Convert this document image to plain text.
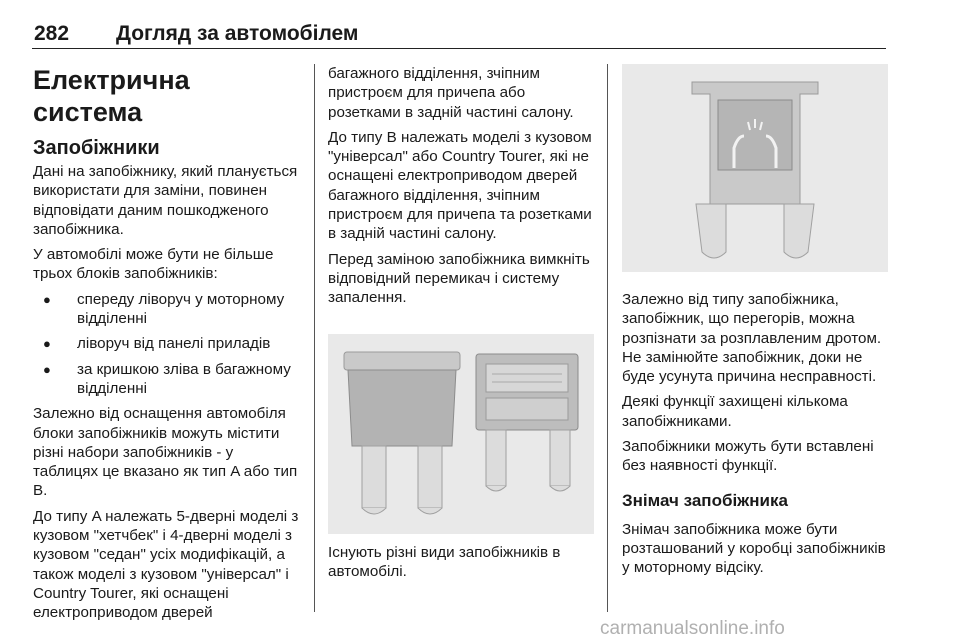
282 Догляд за автомобілем
Електрична система
Запобіжники

Дані на запобіжнику, який планується використати для заміни, повинен відповідати даним пошкодженого запобіжника.

У автомобілі може бути не більше трьох блоків запобіжників:

● спереду ліворуч у моторному відділенні
● ліворуч від панелі приладів
● за кришкою зліва в багажному відділенні

Залежно від оснащення автомобіля блоки запобіжників можуть містити різні набори запобіжників - у таблицях це вказано як тип A або тип B.

До типу A належать 5-дверні моделі з кузовом "хетчбек" і 4-дверні моделі з кузовом "седан" усіх модифікацій, а також моделі з кузовом "універсал" і Country Tourer, які оснащені електроприводом дверей

багажного відділення, зчіпним пристроєм для причепа або розетками в задній частині салону.

До типу B належать моделі з кузовом "універсал" або Country Tourer, які не оснащені електроприводом дверей багажного відділення, зчіпним пристроєм для причепа та розетками в задній частині салону.

Перед заміною запобіжника вимкніть відповідний перемикач і систему запалення.

Існують різні види запобіжників в автомобілі.

Залежно від типу запобіжника, запобіжник, що перегорів, можна розпізнати за розплавленим дротом. Не замінюйте запобіжник, доки не буде усунута причина несправності.

Деякі функції захищені кількома запобіжниками.

Запобіжники можуть бути вставлені без наявності функції.

Знімач запобіжника

Знімач запобіжника може бути розташований у коробці запобіжників у моторному відсіку.

carmanualsonline.info
